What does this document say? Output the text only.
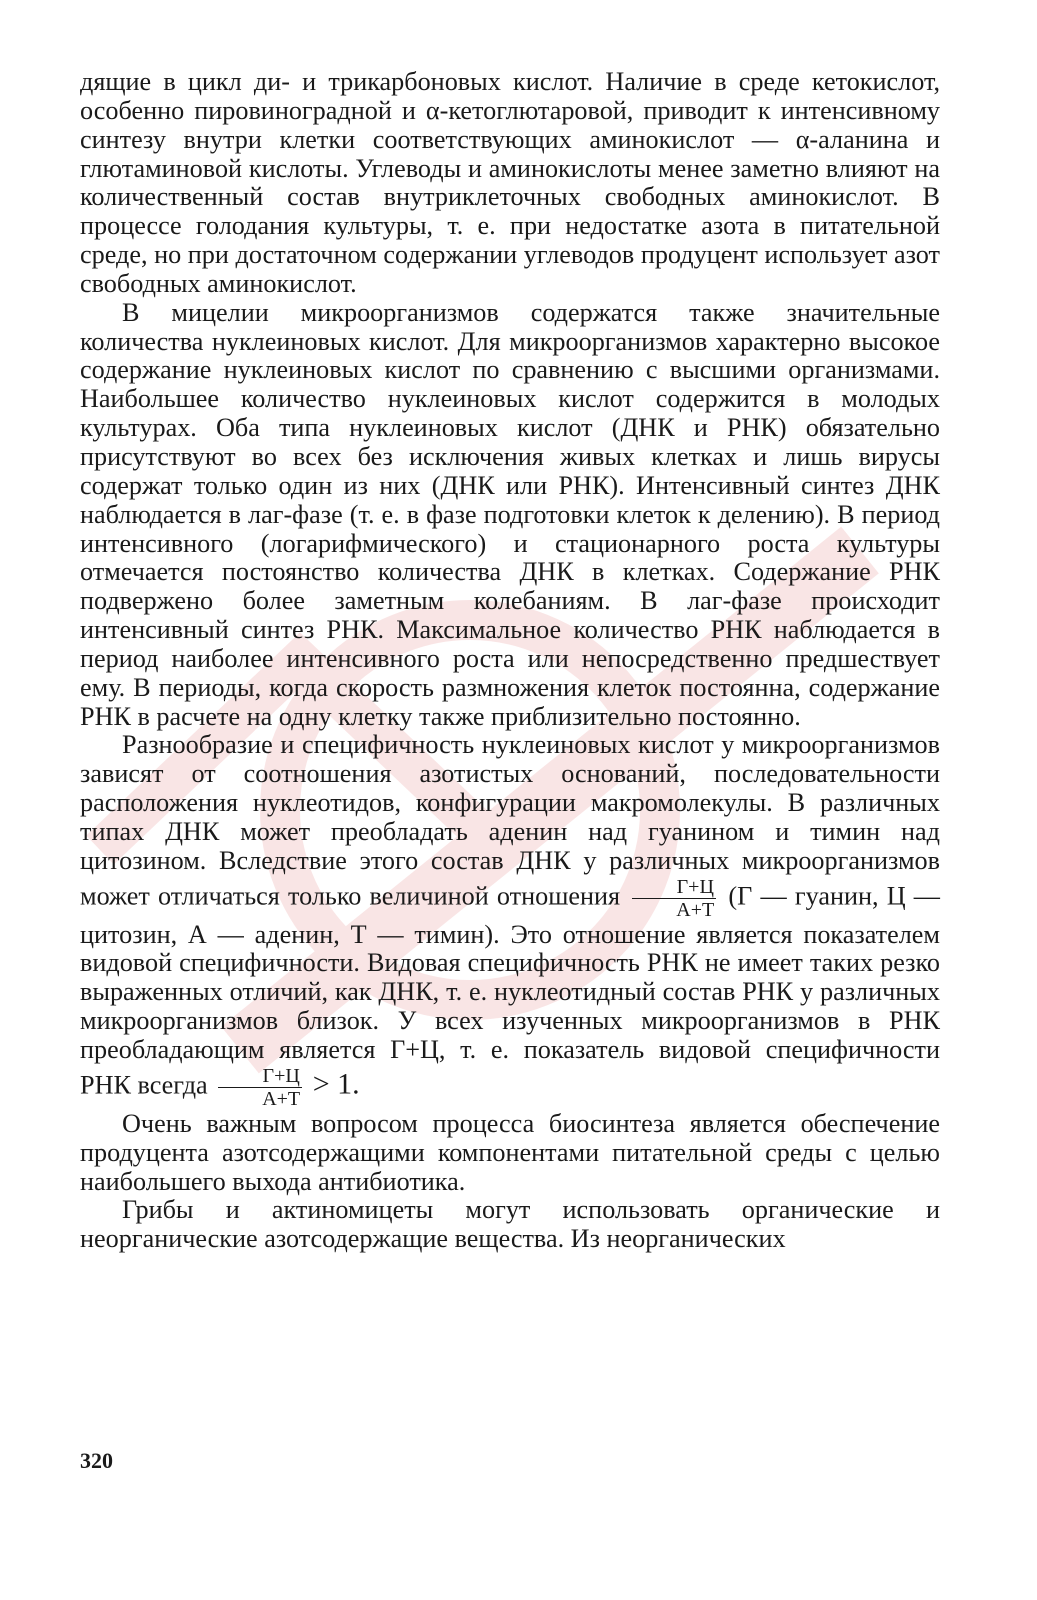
дящие в цикл ди- и трикарбоновых кислот. Наличие в среде кетокислот, особенно пировиноградной и α-кетоглютаровой, приводит к интенсивному синтезу внутри клетки соответствующих аминокислот — α-аланина и глютаминовой кислоты. Углеводы и аминокислоты менее заметно влияют на количественный состав внутриклеточных свободных аминокислот. В процессе голодания культуры, т. е. при недостатке азота в питательной среде, но при достаточном содержании углеводов продуцент использует азот свободных аминокислот.

В мицелии микроорганизмов содержатся также значительные количества нуклеиновых кислот. Для микроорганизмов характерно высокое содержание нуклеиновых кислот по сравнению с высшими организмами. Наибольшее количество нуклеиновых кислот содержится в молодых культурах. Оба типа нуклеиновых кислот (ДНК и РНК) обязательно присутствуют во всех без исключения живых клетках и лишь вирусы содержат только один из них (ДНК или РНК). Интенсивный синтез ДНК наблюдается в лаг-фазе (т. е. в фазе подготовки клеток к делению). В период интенсивного (логарифмического) и стационарного роста культуры отмечается постоянство количества ДНК в клетках. Содержание РНК подвержено более заметным колебаниям. В лаг-фазе происходит интенсивный синтез РНК. Максимальное количество РНК наблюдается в период наиболее интенсивного роста или непосредственно предшествует ему. В периоды, когда скорость размножения клеток постоянна, содержание РНК в расчете на одну клетку также приблизительно постоянно.

Разнообразие и специфичность нуклеиновых кислот у микроорганизмов зависят от соотношения азотистых оснований, последовательности расположения нуклеотидов, конфигурации макромолекулы. В различных типах ДНК может преобладать аденин над гуанином и тимин над цитозином. Вследствие этого состав ДНК у различных микроорганизмов может отличаться только величиной отношения $\frac{Г+Ц}{А+Т} (Г$ — гуанин, Ц — цитозин, А — аденин, Т — тимин). Это отношение является показателем видовой специфичности. Видовая специфичность РНК не имеет таких резко выраженных отличий, как ДНК, т. е. нуклеотидный состав РНК у различных микроорганизмов близок. У всех изученных микроорганизмов в РНК преобладающим является Г+Ц, т. е. показатель видовой специфичности РНК всегда $\frac{Г+Ц}{А+Т} > 1$.

Очень важным вопросом процесса биосинтеза является обеспечение продуцента азотсодержащими компонентами питательной среды с целью наибольшего выхода антибиотика.

Грибы и актиномицеты могут использовать органические и неорганические азотсодержащие вещества. Из неорганических

320
